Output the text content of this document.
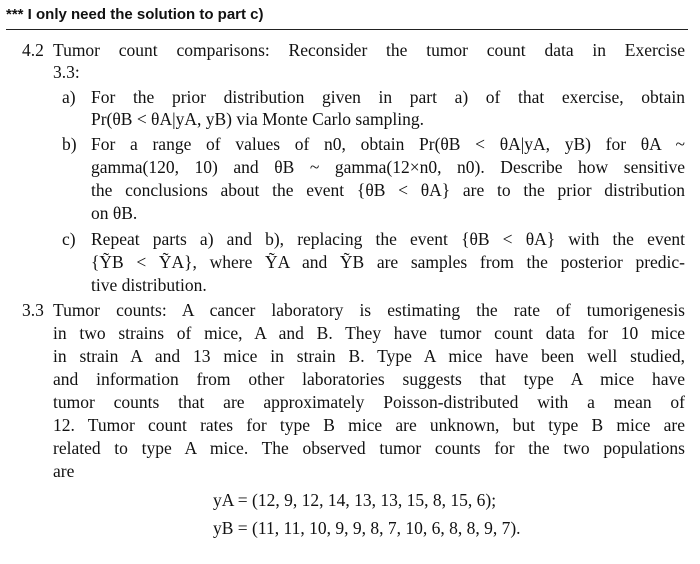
*** I only need the solution to part c)
4.2 Tumor count comparisons: Reconsider the tumor count data in Exercise
3.3:
a) For the prior distribution given in part a) of that exercise, obtain
Pr(θB < θA|yA, yB) via Monte Carlo sampling.
b) For a range of values of n0, obtain Pr(θB < θA|yA, yB) for θA ~
gamma(120, 10) and θB ~ gamma(12×n0, n0). Describe how sensitive
the conclusions about the event {θB < θA} are to the prior distribution
on θB.
c) Repeat parts a) and b), replacing the event {θB < θA} with the event
{ỸB < ỸA}, where ỸA and ỸB are samples from the posterior predic-
tive distribution.
3.3 Tumor counts: A cancer laboratory is estimating the rate of tumorigenesis
in two strains of mice, A and B. They have tumor count data for 10 mice
in strain A and 13 mice in strain B. Type A mice have been well studied,
and information from other laboratories suggests that type A mice have
tumor counts that are approximately Poisson-distributed with a mean of
12. Tumor count rates for type B mice are unknown, but type B mice are
related to type A mice. The observed tumor counts for the two populations
are
yA = (12, 9, 12, 14, 13, 13, 15, 8, 15, 6);
yB = (11, 11, 10, 9, 9, 8, 7, 10, 6, 8, 8, 9, 7).
